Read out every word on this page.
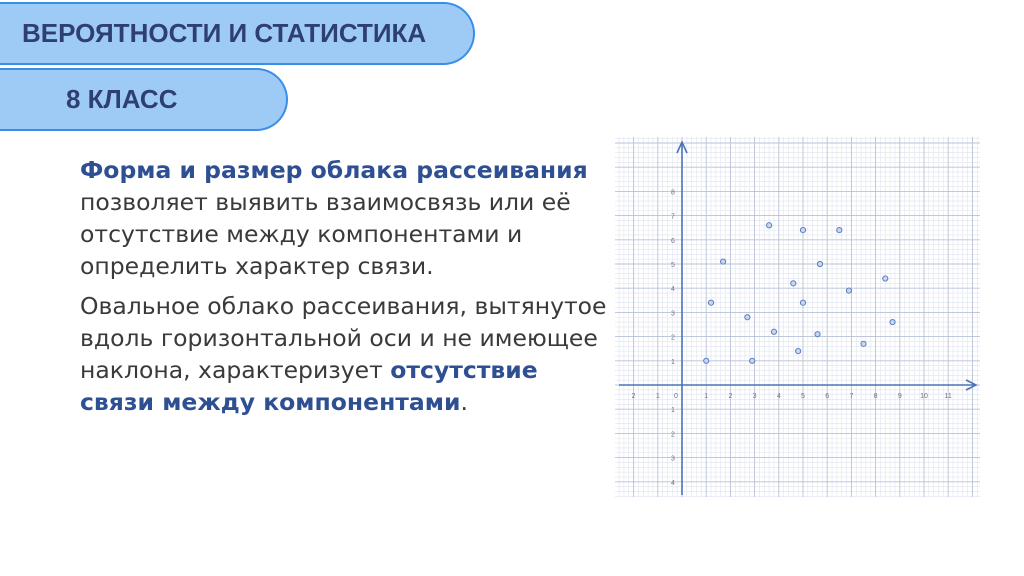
ВЕРОЯТНОСТИ И СТАТИСТИКА
8 КЛАСС

Форма и размер облака рассеивания позволяет выявить взаимосвязь или её отсутствие между компонентами и определить характер связи.

Овальное облако рассеивания, вытянутое вдоль горизонтальной оси и не имеющее наклона, характеризует отсутствие связи между компонентами.	2	1 0	1	2	3	4	5	6	7	8	9	10 11
8
7
6
5
4
3
2
1
1
2
3
4
